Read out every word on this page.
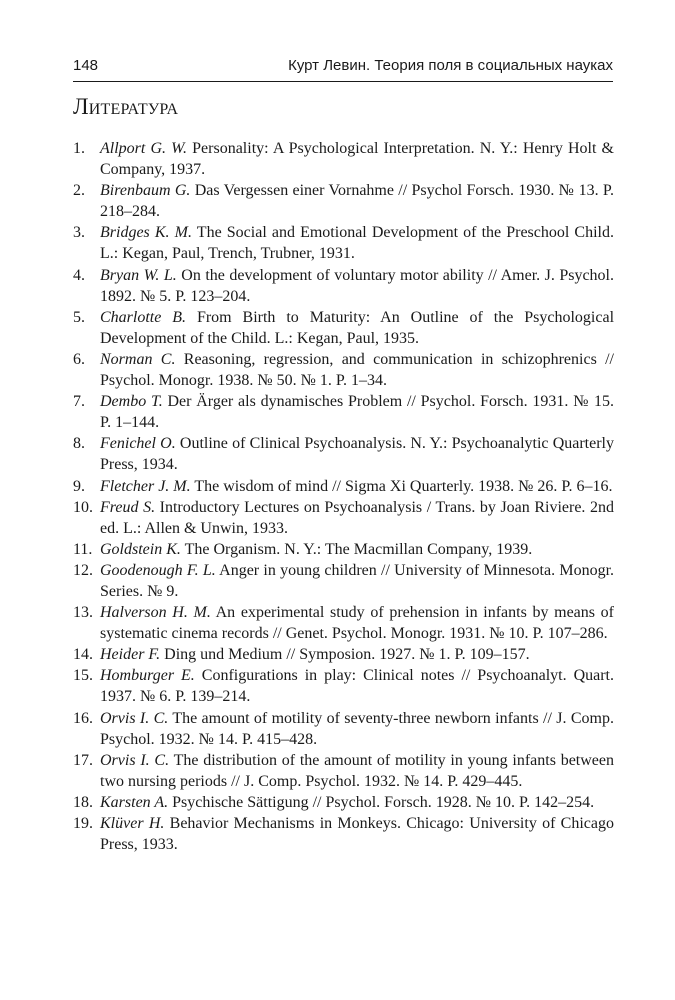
148	Курт Левин. Теория поля в социальных науках
Литература
1. Allport G. W. Personality: A Psychological Interpretation. N. Y.: Henry Holt & Company, 1937.
2. Birenbaum G. Das Vergessen einer Vornahme // Psychol Forsch. 1930. № 13. P. 218–284.
3. Bridges K. M. The Social and Emotional Development of the Preschool Child. L.: Kegan, Paul, Trench, Trubner, 1931.
4. Bryan W. L. On the development of voluntary motor ability // Amer. J. Psychol. 1892. № 5. P. 123–204.
5. Charlotte B. From Birth to Maturity: An Outline of the Psychological Development of the Child. L.: Kegan, Paul, 1935.
6. Norman C. Reasoning, regression, and communication in schizophrenics // Psychol. Monogr. 1938. № 50. № 1. P. 1–34.
7. Dembo T. Der Ärger als dynamisches Problem // Psychol. Forsch. 1931. № 15. P. 1–144.
8. Fenichel O. Outline of Clinical Psychoanalysis. N. Y.: Psychoanalytic Quarterly Press, 1934.
9. Fletcher J. M. The wisdom of mind // Sigma Xi Quarterly. 1938. № 26. P. 6–16.
10. Freud S. Introductory Lectures on Psychoanalysis / Trans. by Joan Riviere. 2nd ed. L.: Allen & Unwin, 1933.
11. Goldstein K. The Organism. N. Y.: The Macmillan Company, 1939.
12. Goodenough F. L. Anger in young children // University of Minnesota. Monogr. Series. № 9.
13. Halverson H. M. An experimental study of prehension in infants by means of systematic cinema records // Genet. Psychol. Monogr. 1931. № 10. P. 107–286.
14. Heider F. Ding und Medium // Symposion. 1927. № 1. P. 109–157.
15. Homburger E. Configurations in play: Clinical notes // Psychoanalyt. Quart. 1937. № 6. P. 139–214.
16. Orvis I. C. The amount of motility of seventy-three newborn infants // J. Comp. Psychol. 1932. № 14. P. 415–428.
17. Orvis I. C. The distribution of the amount of motility in young infants between two nursing periods // J. Comp. Psychol. 1932. № 14. P. 429–445.
18. Karsten A. Psychische Sättigung // Psychol. Forsch. 1928. № 10. P. 142–254.
19. Klüver H. Behavior Mechanisms in Monkeys. Chicago: University of Chicago Press, 1933.
